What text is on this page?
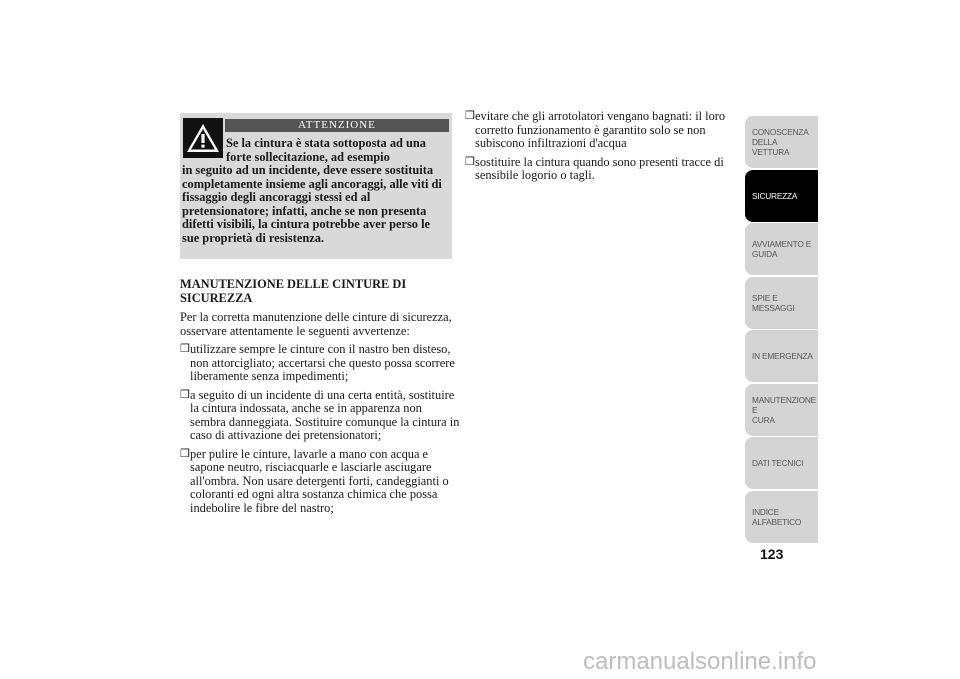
ATTENZIONE

Se la cintura è stata sottoposta ad una forte sollecitazione, ad esempio
in seguito ad un incidente, deve essere sostituita completamente insieme agli ancoraggi, alle viti di fissaggio degli ancoraggi stessi ed al pretensionatore; infatti, anche se non presenta difetti visibili, la cintura potrebbe aver perso le sue proprietà di resistenza.

MANUTENZIONE DELLE CINTURE DI SICUREZZA

Per la corretta manutenzione delle cinture di sicurezza, osservare attentamente le seguenti avvertenze:

❒ utilizzare sempre le cinture con il nastro ben disteso, non attorcigliato; accertarsi che questo possa scorrere liberamente senza impedimenti;
❒ a seguito di un incidente di una certa entità, sostituire la cintura indossata, anche se in apparenza non sembra danneggiata. Sostituire comunque la cintura in caso di attivazione dei pretensionatori;
❒ per pulire le cinture, lavarle a mano con acqua e sapone neutro, risciacquarle e lasciarle asciugare all'ombra. Non usare detergenti forti, candeggianti o coloranti ed ogni altra sostanza chimica che possa indebolire le fibre del nastro;
❒ evitare che gli arrotolatori vengano bagnati: il loro corretto funzionamento è garantito solo se non subiscono infiltrazioni d'acqua
❒ sostituire la cintura quando sono presenti tracce di sensibile logorio o tagli.
CONOSCENZA
DELLA VETTURA
SICUREZZA
AVVIAMENTO E
GUIDA
SPIE E MESSAGGI
IN EMERGENZA
MANUTENZIONE E
CURA
DATI TECNICI
INDICE
ALFABETICO
123
carmanualsonline.info
